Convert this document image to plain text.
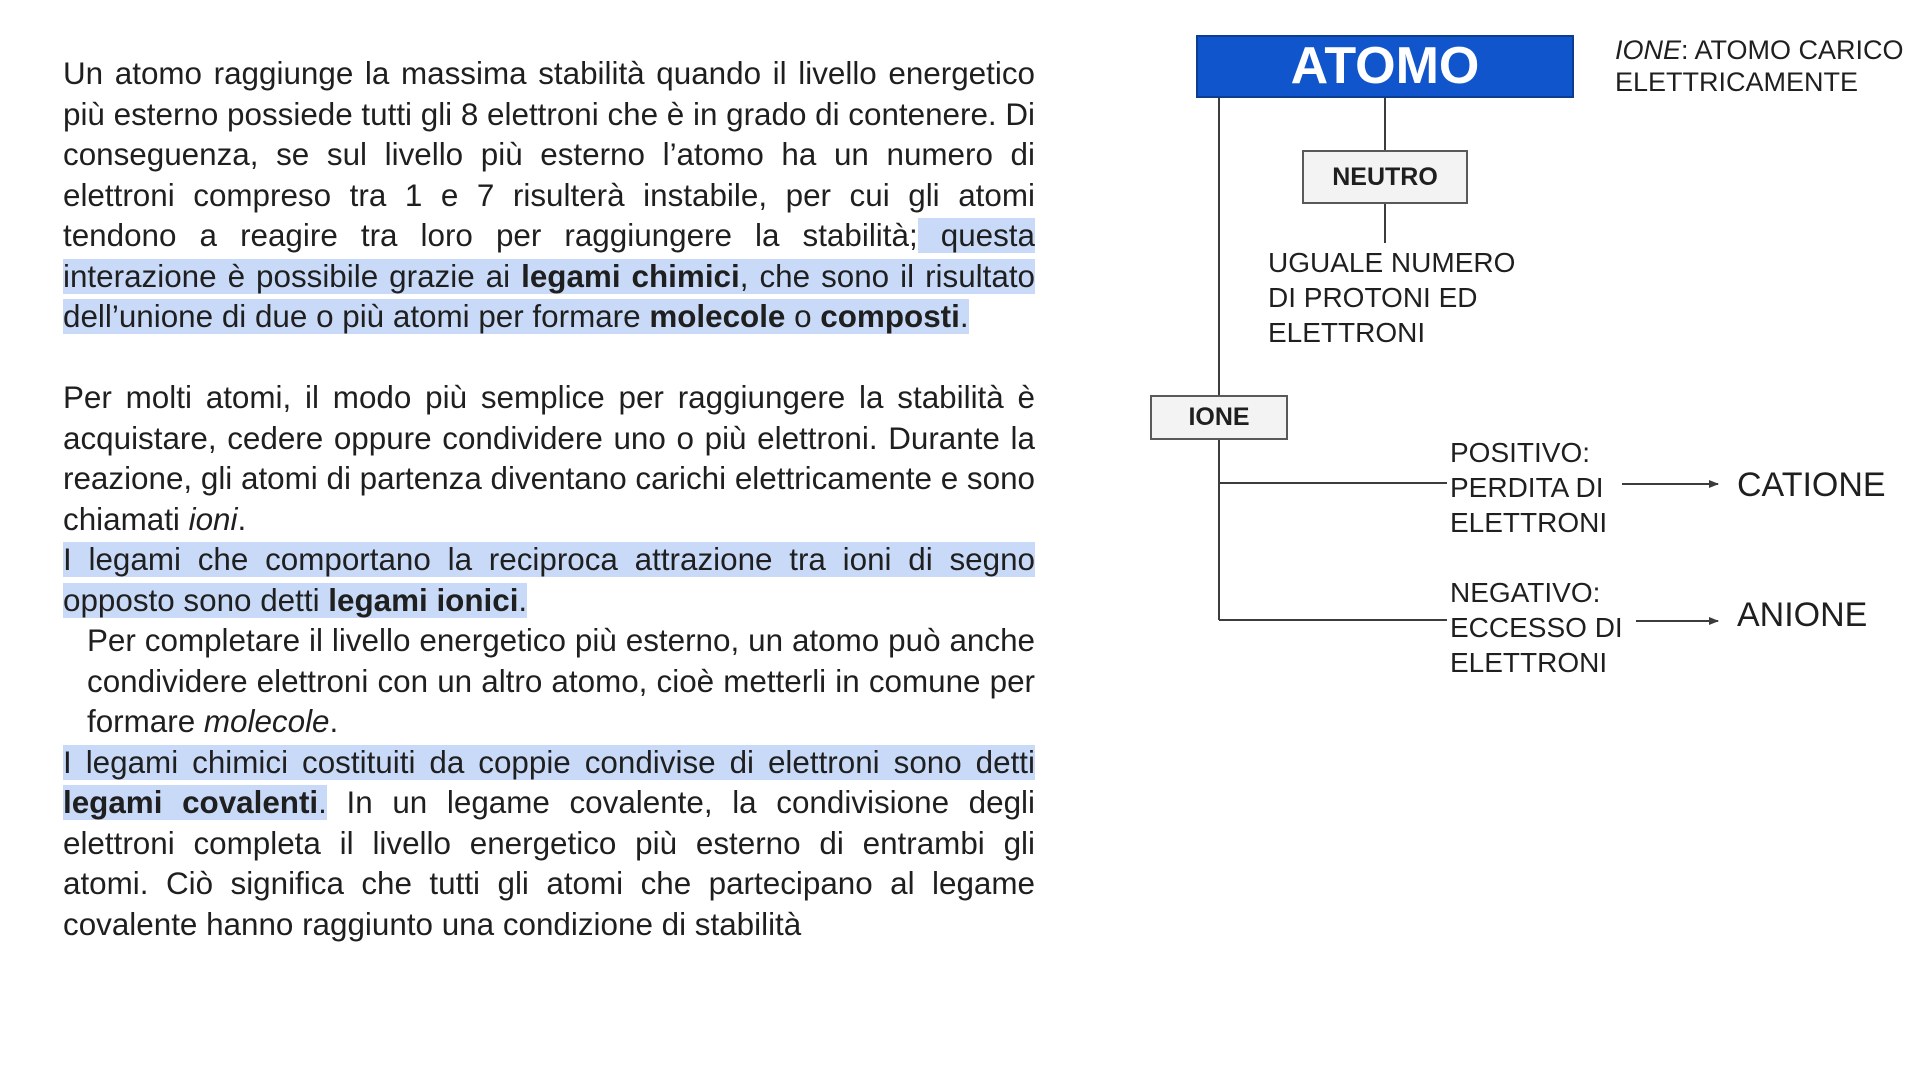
Un atomo raggiunge la massima stabilità quando il livello energetico più esterno possiede tutti gli 8 elettroni che è in grado di contenere. Di conseguenza, se sul livello più esterno l’atomo ha un numero di elettroni compreso tra 1 e 7 risulterà instabile, per cui gli atomi tendono a reagire tra loro per raggiungere la stabilità; questa interazione è possibile grazie ai legami chimici, che sono il risultato dell’unione di due o più atomi per formare molecole o composti.

Per molti atomi, il modo più semplice per raggiungere la stabilità è acquistare, cedere oppure condividere uno o più elettroni. Durante la reazione, gli atomi di partenza diventano carichi elettricamente e sono chiamati ioni.

I legami che comportano la reciproca attrazione tra ioni di segno opposto sono detti legami ionici.

Per completare il livello energetico più esterno, un atomo può anche condividere elettroni con un altro atomo, cioè metterli in comune per formare molecole.

I legami chimici costituiti da coppie condivise di elettroni sono detti legami covalenti. In un legame covalente, la condivisione degli elettroni completa il livello energetico più esterno di entrambi gli atomi. Ciò significa che tutti gli atomi che partecipano al legame covalente hanno raggiunto una condizione di stabilità

ATOMO	IONE: ATOMO CARICO
ELETTRICAMENTE
NEUTRO
UGUALE NUMERO
DI PROTONI ED
ELETTRONI
IONE
POSITIVO:
PERDITA DI
ELETTRONI
NEGATIVO:
ECCESSO DI
ELETTRONI
CATIONE
ANIONE
